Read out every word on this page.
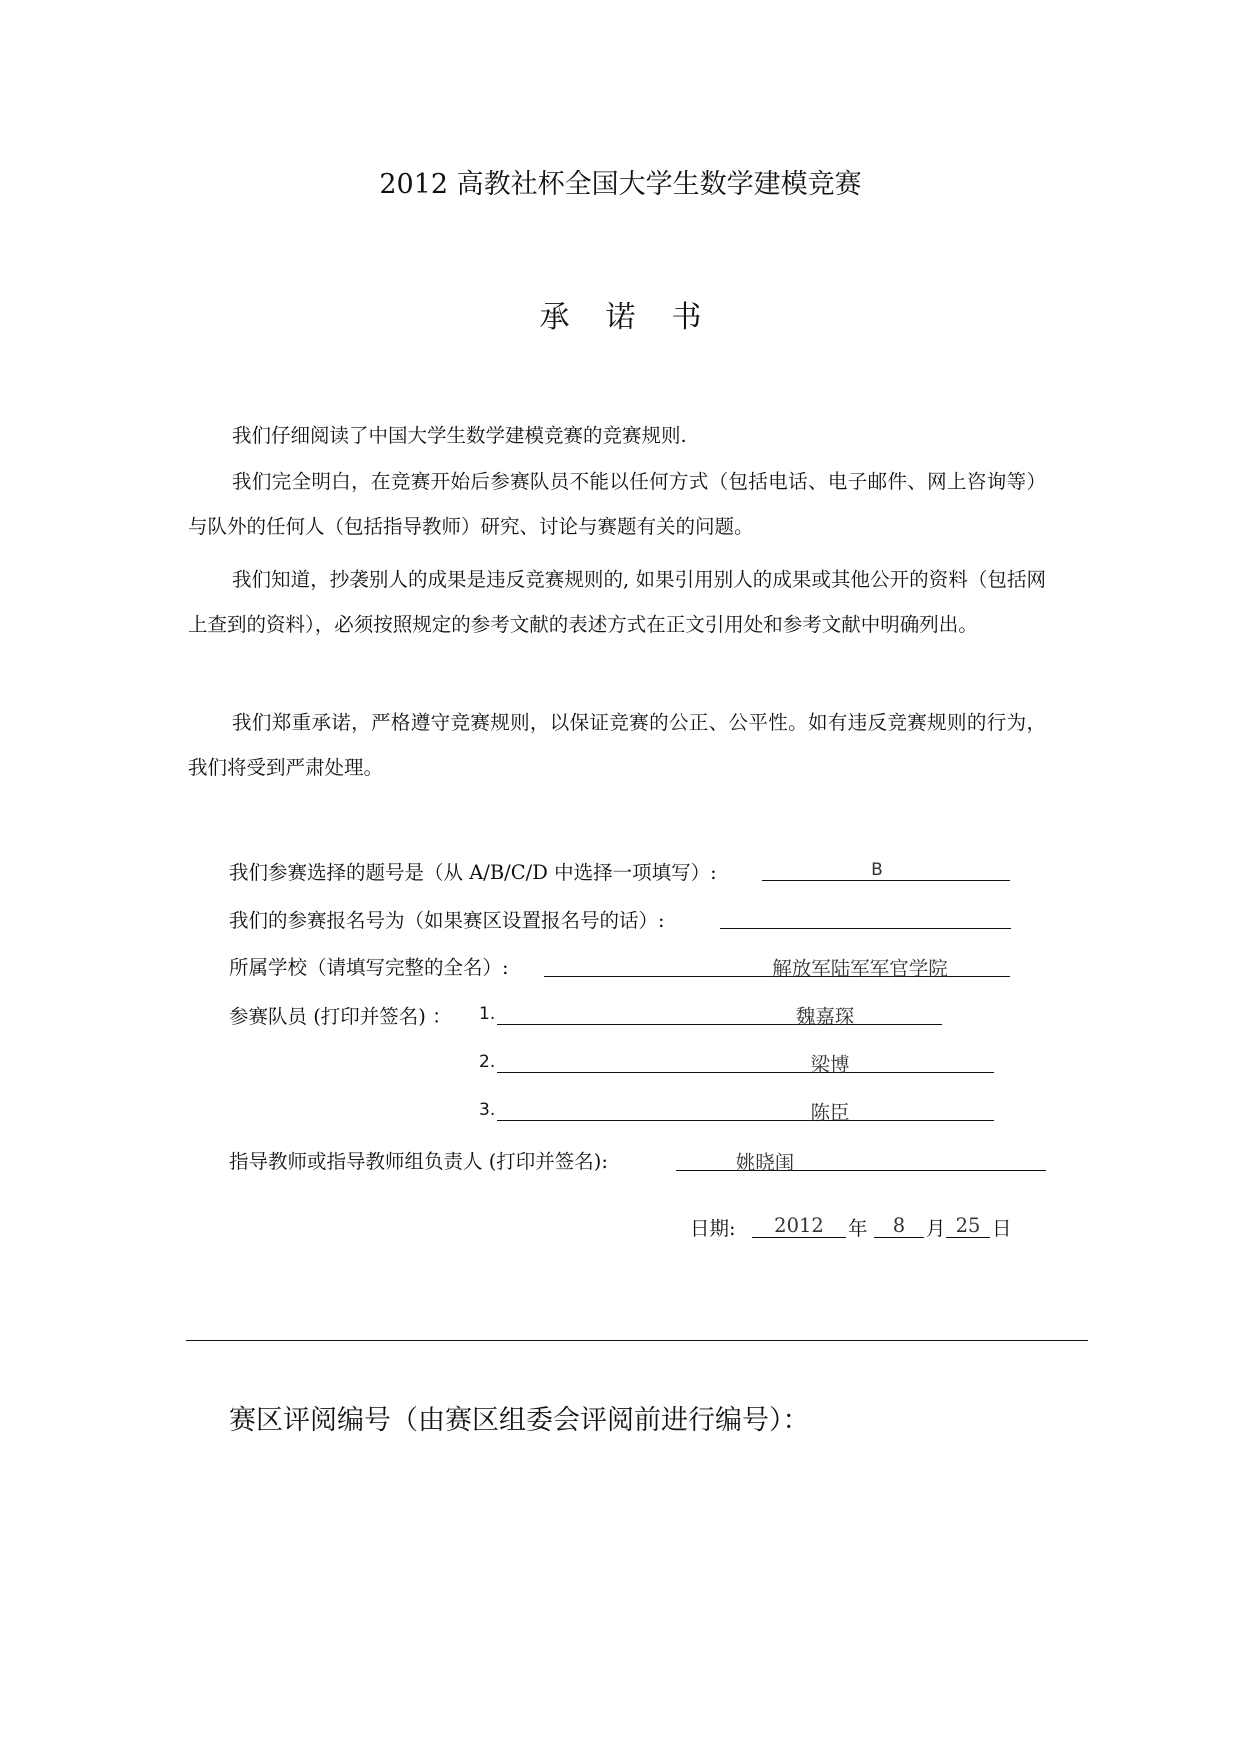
2012 高教社杯全国大学生数学建模竞赛
承诺书
我们仔细阅读了中国大学生数学建模竞赛的竞赛规则.
我们完全明白，在竞赛开始后参赛队员不能以任何方式（包括电话、电子邮件、网上咨询等）与队外的任何人（包括指导教师）研究、讨论与赛题有关的问题。
我们知道，抄袭别人的成果是违反竞赛规则的, 如果引用别人的成果或其他公开的资料（包括网上查到的资料），必须按照规定的参考文献的表述方式在正文引用处和参考文献中明确列出。
我们郑重承诺，严格遵守竞赛规则，以保证竞赛的公正、公平性。如有违反竞赛规则的行为，我们将受到严肃处理。
我们参赛选择的题号是（从 A/B/C/D 中选择一项填写）:	B
我们的参赛报名号为（如果赛区设置报名号的话）:
所属学校（请填写完整的全名）:	解放军陆军军官学院
参赛队员 (打印并签名) ： 1.	魏嘉琛
2.	梁博
3.	陈臣
指导教师或指导教师组负责人 (打印并签名):	姚晓闺
日期:	2012	年	8	月 25 日
赛区评阅编号（由赛区组委会评阅前进行编号）：
